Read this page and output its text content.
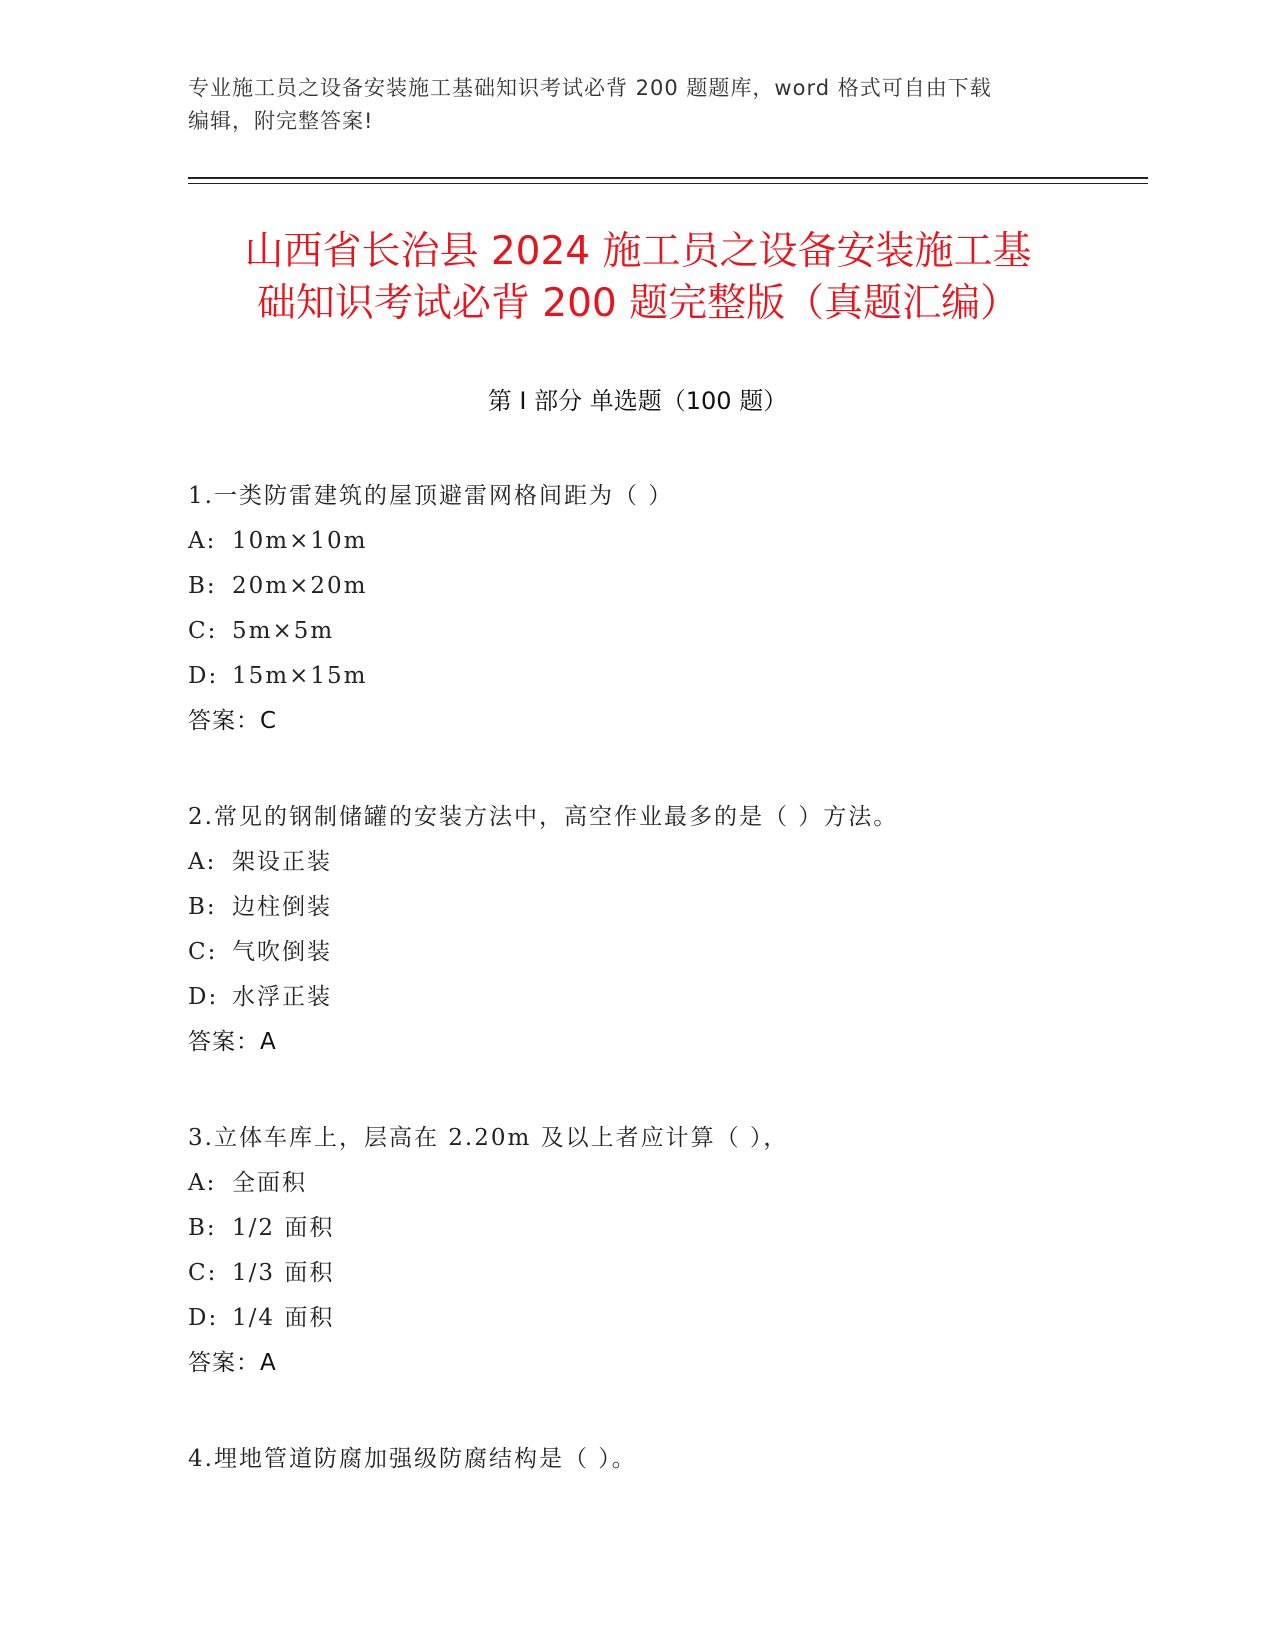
专业施工员之设备安装施工基础知识考试必背 200 题题库，word 格式可自由下载
编辑，附完整答案!
山西省长治县 2024 施工员之设备安装施工基
础知识考试必背 200 题完整版（真题汇编）
第 I 部分 单选题（100 题）
1.一类防雷建筑的屋顶避雷网格间距为（ ）
A: 10m×10m
B: 20m×20m
C: 5m×5m
D: 15m×15m
答案：C
2.常见的钢制储罐的安装方法中，高空作业最多的是（ ）方法。
A: 架设正装
B: 边柱倒装
C: 气吹倒装
D: 水浮正装
答案：A
3.立体车库上，层高在 2.20m 及以上者应计算（ ），
A: 全面积
B: 1/2 面积
C: 1/3 面积
D: 1/4 面积
答案：A
4.埋地管道防腐加强级防腐结构是（ ）。
